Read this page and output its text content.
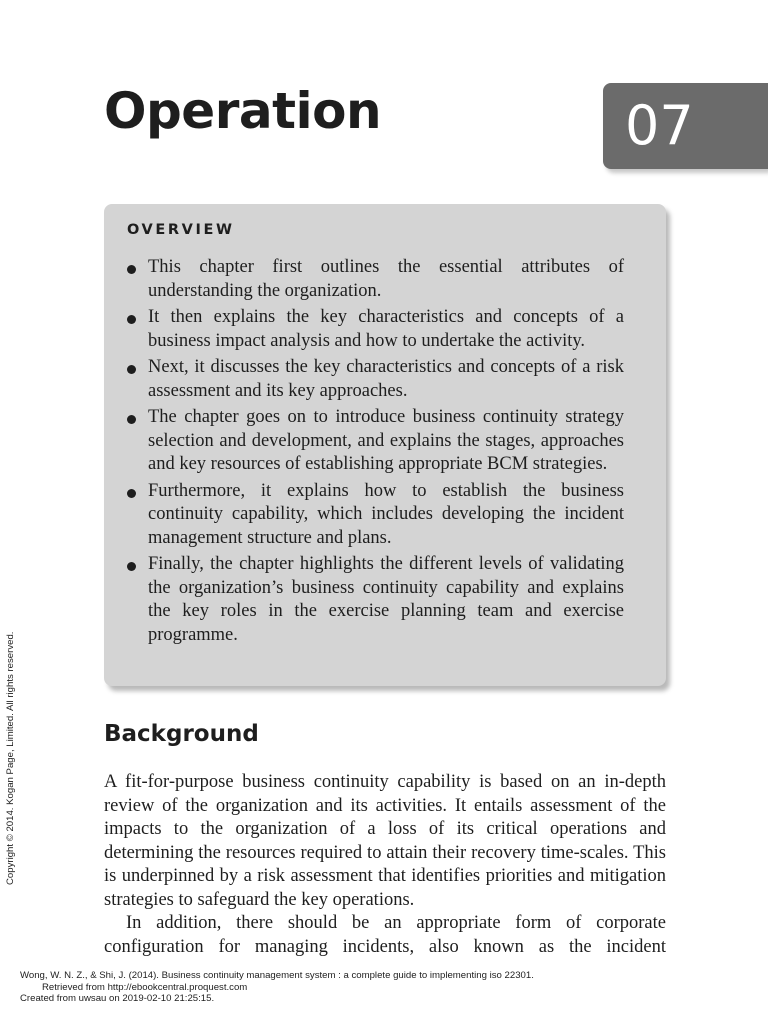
Operation	07
OVERVIEW
This chapter first outlines the essential attributes of understanding the organization.
It then explains the key characteristics and concepts of a business impact analysis and how to undertake the activity.
Next, it discusses the key characteristics and concepts of a risk assessment and its key approaches.
The chapter goes on to introduce business continuity strategy selection and development, and explains the stages, approaches and key resources of establishing appropriate BCM strategies.
Furthermore, it explains how to establish the business continuity capability, which includes developing the incident management structure and plans.
Finally, the chapter highlights the different levels of validating the organization’s business continuity capability and explains the key roles in the exercise planning team and exercise programme.
Background

A fit-for-purpose business continuity capability is based on an in-depth review of the organization and its activities. It entails assessment of the impacts to the organization of a loss of its critical operations and determining the resources required to attain their recovery time-scales. This is underpinned by a risk assessment that identifies priorities and mitigation strategies to safeguard the key operations.

In addition, there should be an appropriate form of corporate configuration for managing incidents, also known as the incident

Copyright © 2014. Kogan Page, Limited. All rights reserved.
Wong, W. N. Z., & Shi, J. (2014). Business continuity management system : a complete guide to implementing iso 22301.
Retrieved from http://ebookcentral.proquest.com
Created from uwsau on 2019-02-10 21:25:15.
